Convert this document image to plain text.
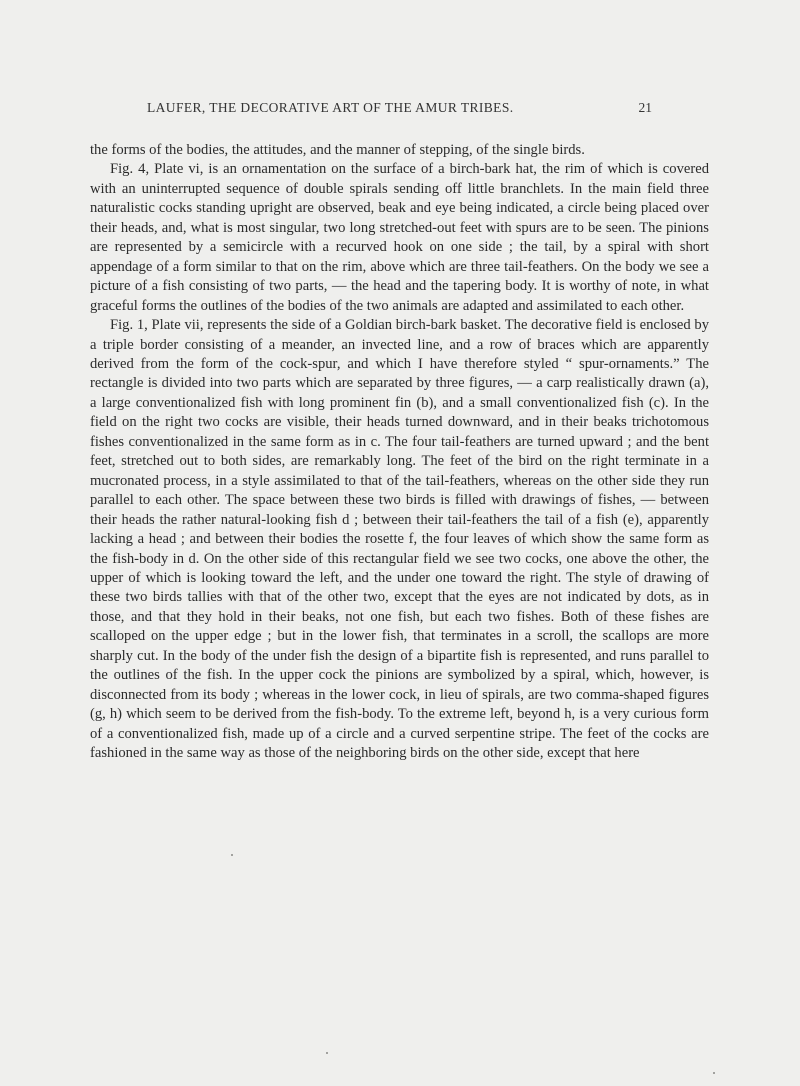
LAUFER, THE DECORATIVE ART OF THE AMUR TRIBES.	21

the forms of the bodies, the attitudes, and the manner of stepping, of the single birds.

Fig. 4, Plate vi, is an ornamentation on the surface of a birch-bark hat, the rim of which is covered with an uninterrupted sequence of double spirals sending off little branchlets. In the main field three naturalistic cocks standing upright are observed, beak and eye being indicated, a circle being placed over their heads, and, what is most singular, two long stretched-out feet with spurs are to be seen. The pinions are represented by a semicircle with a recurved hook on one side ; the tail, by a spiral with short appendage of a form similar to that on the rim, above which are three tail-feathers. On the body we see a picture of a fish consisting of two parts, — the head and the tapering body. It is worthy of note, in what graceful forms the outlines of the bodies of the two animals are adapted and assimilated to each other.

Fig. 1, Plate vii, represents the side of a Goldian birch-bark basket. The decorative field is enclosed by a triple border consisting of a meander, an invected line, and a row of braces which are apparently derived from the form of the cock-spur, and which I have therefore styled “ spur-ornaments.” The rectangle is divided into two parts which are separated by three figures, — a carp realistically drawn (a), a large conventionalized fish with long prominent fin (b), and a small conventionalized fish (c). In the field on the right two cocks are visible, their heads turned downward, and in their beaks trichotomous fishes conventionalized in the same form as in c. The four tail-feathers are turned upward ; and the bent feet, stretched out to both sides, are remarkably long. The feet of the bird on the right terminate in a mucronated process, in a style assimilated to that of the tail-feathers, whereas on the other side they run parallel to each other. The space between these two birds is filled with drawings of fishes, — between their heads the rather natural-looking fish d ; between their tail-feathers the tail of a fish (e), apparently lacking a head ; and between their bodies the rosette f, the four leaves of which show the same form as the fish-body in d. On the other side of this rectangular field we see two cocks, one above the other, the upper of which is looking toward the left, and the under one toward the right. The style of drawing of these two birds tallies with that of the other two, except that the eyes are not indicated by dots, as in those, and that they hold in their beaks, not one fish, but each two fishes. Both of these fishes are scalloped on the upper edge ; but in the lower fish, that terminates in a scroll, the scallops are more sharply cut. In the body of the under fish the design of a bipartite fish is represented, and runs parallel to the outlines of the fish. In the upper cock the pinions are symbolized by a spiral, which, however, is disconnected from its body ; whereas in the lower cock, in lieu of spirals, are two comma-shaped figures (g, h) which seem to be derived from the fish-body. To the extreme left, beyond h, is a very curious form of a conventionalized fish, made up of a circle and a curved serpentine stripe. The feet of the cocks are fashioned in the same way as those of the neighboring birds on the other side, except that here
